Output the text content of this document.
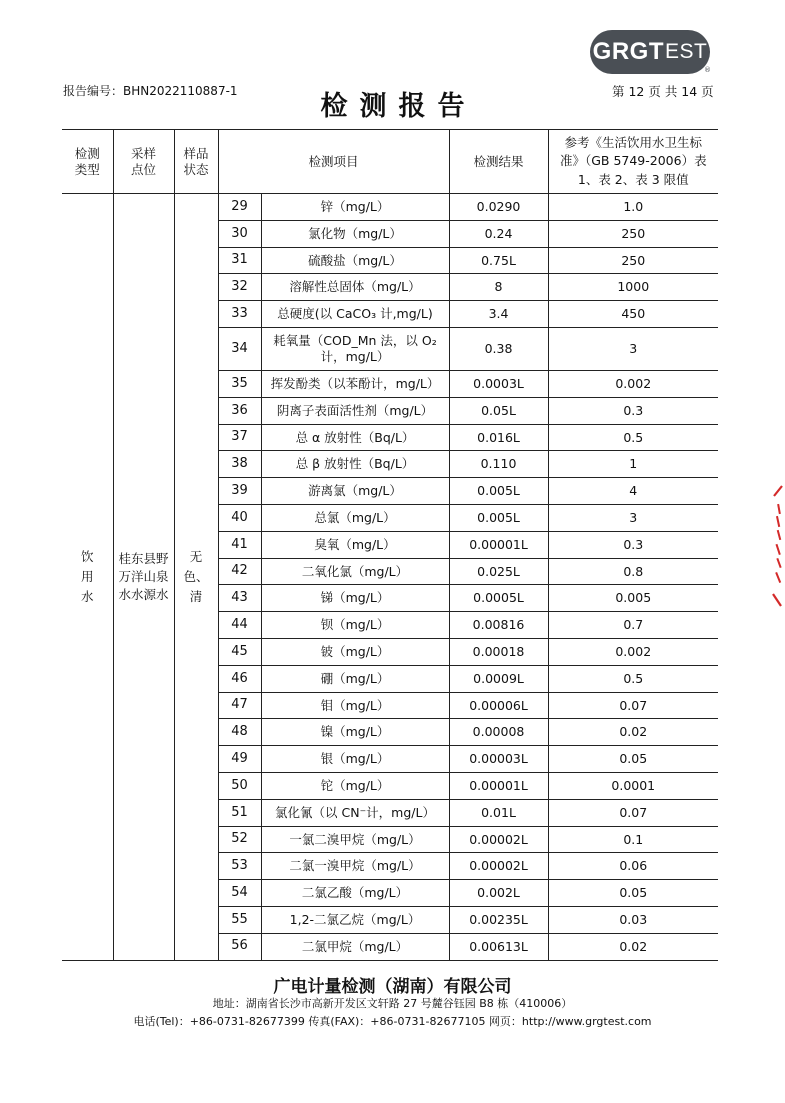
GRGT EST
®
报告编号：BHN2022110887-1	检测报告	第 12 页 共 14 页
检测类型	采样点位	样品状态	检测项目		检测结果	参考《生活饮用水卫生标准》（GB 5749-2006）表 1、表 2、表 3 限值
饮用水	桂东县野万洋山泉水水源水	无色、清	29	锌（mg/L）	0.0290	1.0
			30	氯化物（mg/L）	0.24	250
			31	硫酸盐（mg/L）	0.75L	250
			32	溶解性总固体（mg/L）	8	1000
			33	总硬度(以 CaCO₃ 计,mg/L)	3.4	450
			34	耗氧量（COD_Mn 法，以 O₂ 计，mg/L）	0.38	3
			35	挥发酚类（以苯酚计，mg/L）	0.0003L	0.002
			36	阴离子表面活性剂（mg/L）	0.05L	0.3
			37	总 α 放射性（Bq/L）	0.016L	0.5
			38	总 β 放射性（Bq/L）	0.110	1
			39	游离氯（mg/L）	0.005L	4
			40	总氯（mg/L）	0.005L	3
			41	臭氧（mg/L）	0.00001L	0.3
			42	二氧化氯（mg/L）	0.025L	0.8
			43	锑（mg/L）	0.0005L	0.005
			44	钡（mg/L）	0.00816	0.7
			45	铍（mg/L）	0.00018	0.002
			46	硼（mg/L）	0.0009L	0.5
			47	钼（mg/L）	0.00006L	0.07
			48	镍（mg/L）	0.00008	0.02
			49	银（mg/L）	0.00003L	0.05
			50	铊（mg/L）	0.00001L	0.0001
			51	氯化氰（以 CN⁻计，mg/L）	0.01L	0.07
			52	一氯二溴甲烷（mg/L）	0.00002L	0.1
			53	二氯一溴甲烷（mg/L）	0.00002L	0.06
			54	二氯乙酸（mg/L）	0.002L	0.05
			55	1,2-二氯乙烷（mg/L）	0.00235L	0.03
			56	二氯甲烷（mg/L）	0.00613L	0.02
广电计量检测（湖南）有限公司
地址：湖南省长沙市高新开发区文轩路 27 号麓谷钰园 B8 栋（410006）
电话(Tel)：+86-0731-82677399 传真(FAX)：+86-0731-82677105 网页：http://www.grgtest.com
